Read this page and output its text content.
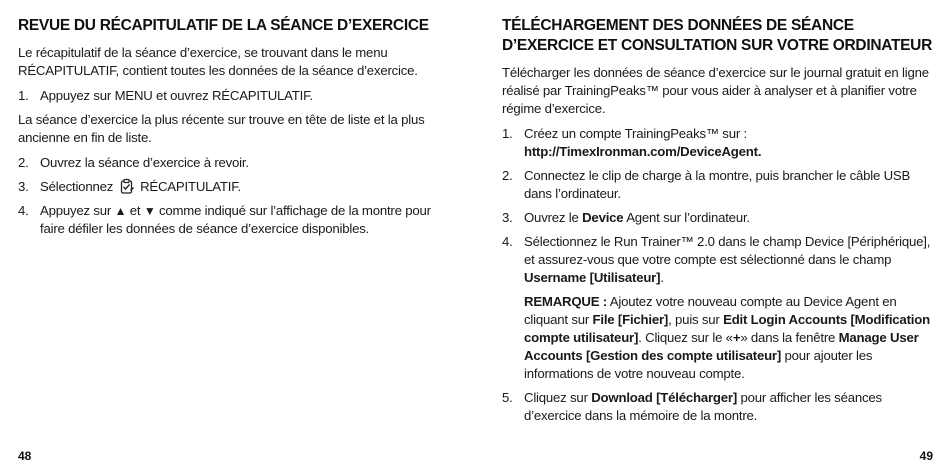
REVUE DU RÉCAPITULATIF DE LA SÉANCE D’EXERCICE

Le récapitulatif de la séance d’exercice, se trouvant dans le menu RÉCAPITULATIF, contient toutes les données de la séance d’exercice.

1. Appuyez sur MENU et ouvrez RÉCAPITULATIF.

La séance d’exercice la plus récente sur trouve en tête de liste et la plus ancienne en fin de liste.

2. Ouvrez la séance d’exercice à revoir.
3. Sélectionnez RÉCAPITULATIF.
4. Appuyez sur ▲ et ▼ comme indiqué sur l’affichage de la montre pour faire défiler les données de séance d’exercice disponibles.
TÉLÉCHARGEMENT DES DONNÉES DE SÉANCE D’EXERCICE ET CONSULTATION SUR VOTRE ORDINATEUR

Télécharger les données de séance d’exercice sur le journal gratuit en ligne réalisé par TrainingPeaks™ pour vous aider à analyser et à planifier votre régime d’exercice.

1. Créez un compte TrainingPeaks™ sur :
http://TimexIronman.com/DeviceAgent.
2. Connectez le clip de charge à la montre, puis brancher le câble USB dans l’ordinateur.
3. Ouvrez le Device Agent sur l’ordinateur.
4. Sélectionnez le Run Trainer™ 2.0 dans le champ Device [Périphérique], et assurez-vous que votre compte est sélectionné dans le champ Username [Utilisateur].

REMARQUE : Ajoutez votre nouveau compte au Device Agent en cliquant sur File [Fichier], puis sur Edit Login Accounts [Modification compte utilisateur]. Cliquez sur le «+» dans la fenêtre Manage User Accounts [Gestion des compte utilisateur] pour ajouter les informations de votre nouveau compte.

5. Cliquez sur Download [Télécharger] pour afficher les séances d’exercice dans la mémoire de la montre.
48	49
